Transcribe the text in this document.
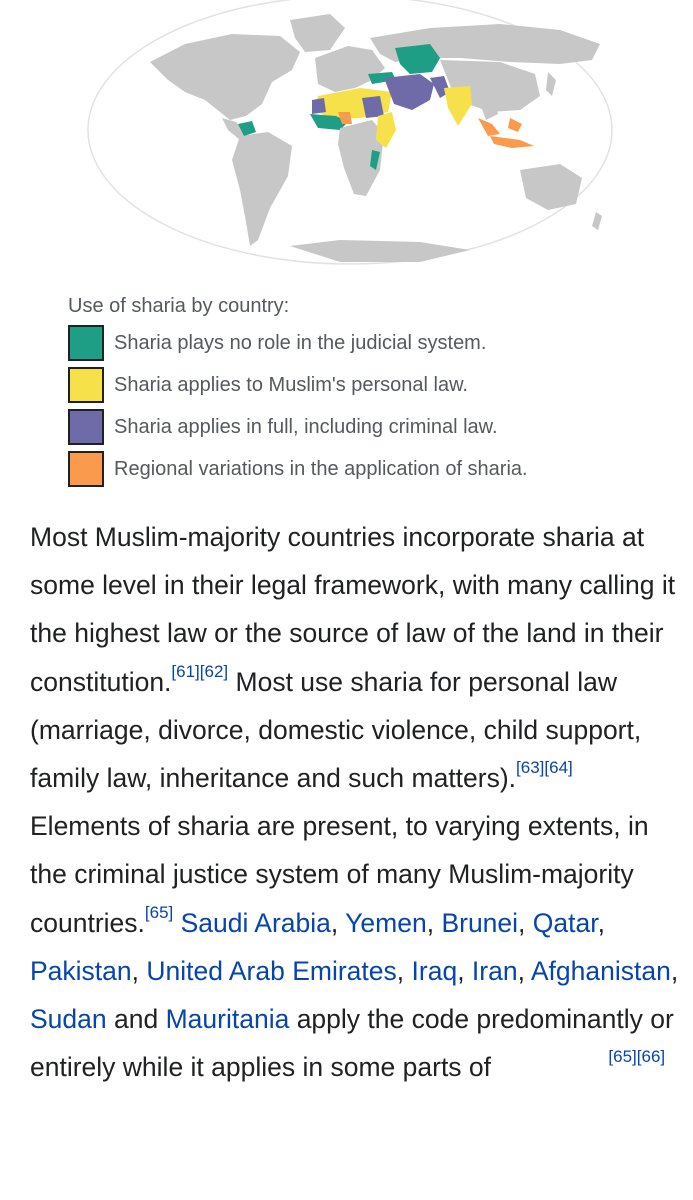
Use of sharia by country:
Sharia plays no role in the judicial system.
Sharia applies to Muslim's personal law.
Sharia applies in full, including criminal law.
Regional variations in the application of sharia.

Most Muslim-majority countries incorporate sharia at some level in their legal framework, with many calling it the highest law or the source of law of the land in their constitution.[61][62] Most use sharia for personal law (marriage, divorce, domestic violence, child support, family law, inheritance and such matters).[63][64] Elements of sharia are present, to varying extents, in the criminal justice system of many Muslim-majority countries.[65] Saudi Arabia, Yemen, Brunei, Qatar, Pakistan, United Arab Emirates, Iraq, Iran, Afghanistan, Sudan and Mauritania apply the code predominantly or entirely while it applies in some parts of	[65][66]
